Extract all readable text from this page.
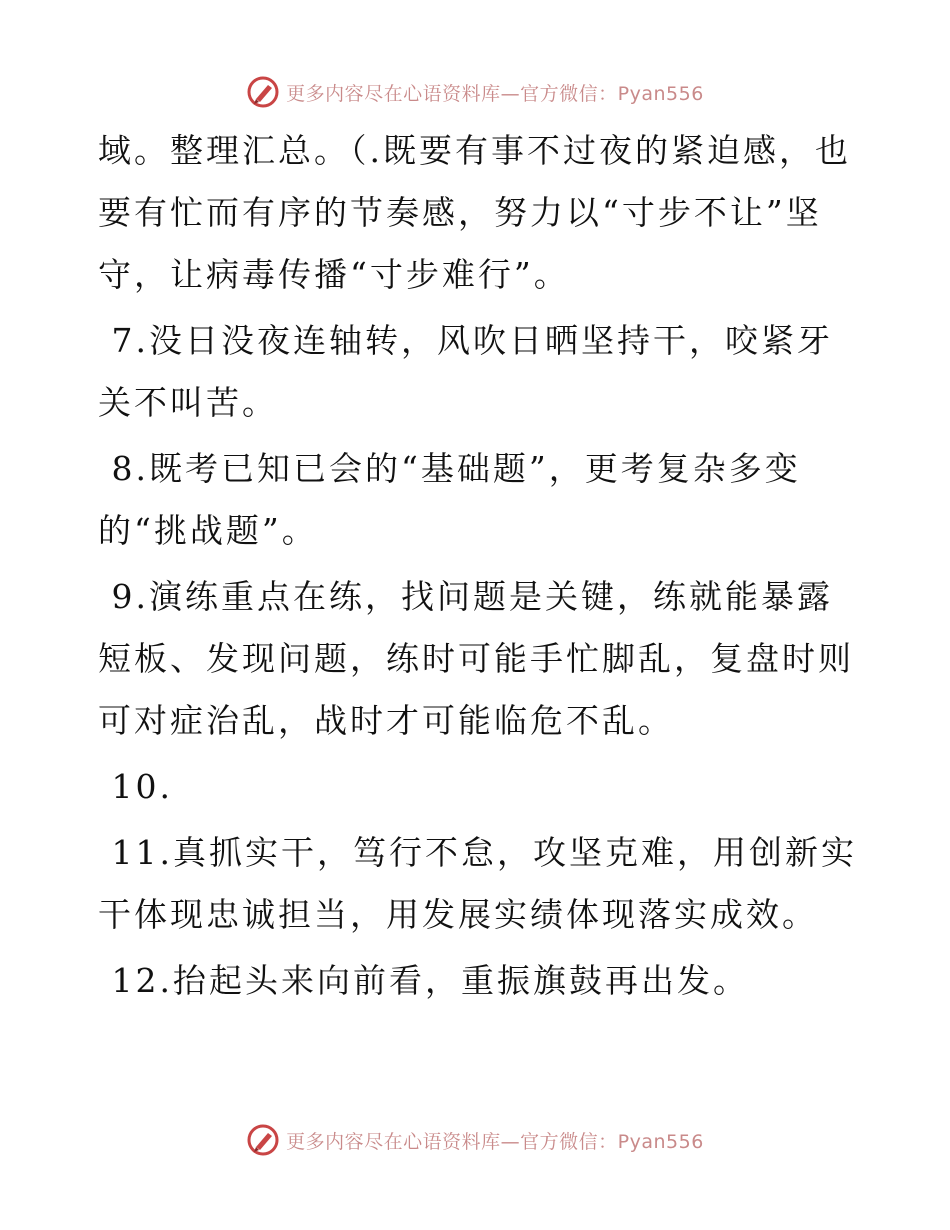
更多内容尽在心语资料库—官方微信：Pyan556

域。整理汇总。（.既要有事不过夜的紧迫感，也要有忙而有序的节奏感，努力以“寸步不让”坚守，让病毒传播“寸步难行”。

7.没日没夜连轴转，风吹日晒坚持干，咬紧牙关不叫苦。

8.既考已知已会的“基础题”，更考复杂多变的“挑战题”。

9.演练重点在练，找问题是关键，练就能暴露短板、发现问题，练时可能手忙脚乱，复盘时则可对症治乱，战时才可能临危不乱。

10.

11.真抓实干，笃行不怠，攻坚克难，用创新实干体现忠诚担当，用发展实绩体现落实成效。

12.抬起头来向前看，重振旗鼓再出发。

更多内容尽在心语资料库—官方微信：Pyan556
